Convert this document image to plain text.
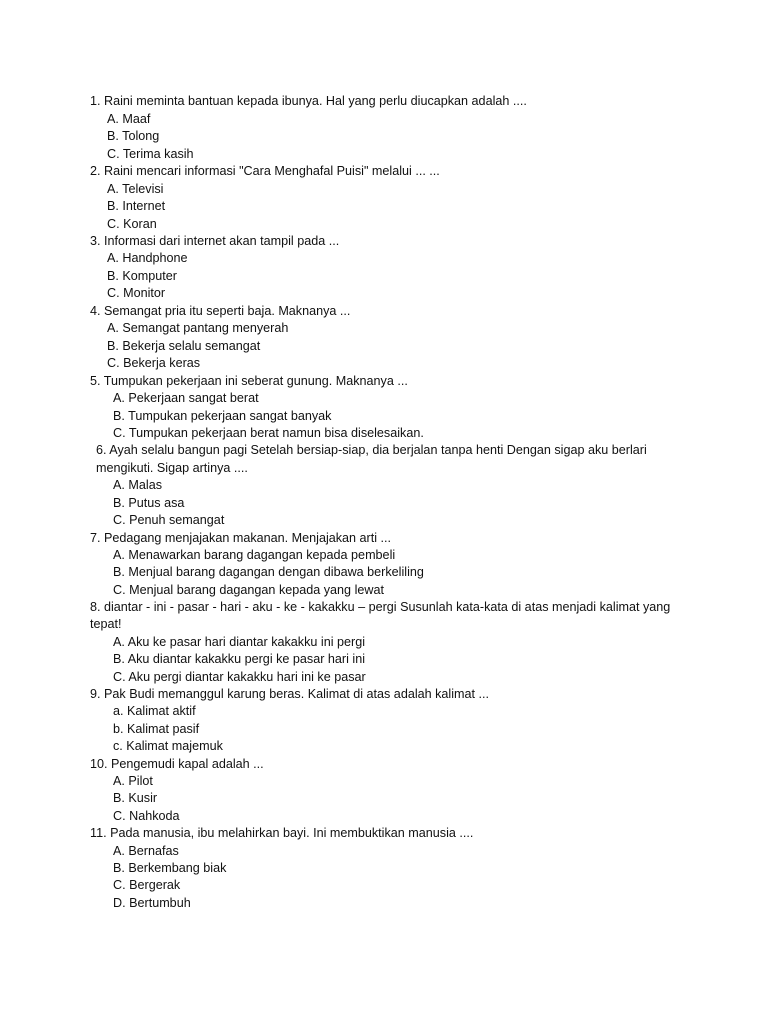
1. Raini meminta bantuan kepada ibunya. Hal yang perlu diucapkan adalah ....
A. Maaf
B. Tolong
C. Terima kasih
2. Raini mencari informasi "Cara Menghafal Puisi" melalui ... ...
A. Televisi
B. Internet
C. Koran
3. Informasi dari internet akan tampil pada ...
A. Handphone
B. Komputer
C. Monitor
4. Semangat pria itu seperti baja. Maknanya ...
A. Semangat pantang menyerah
B. Bekerja selalu semangat
C. Bekerja keras
5. Tumpukan pekerjaan ini seberat gunung. Maknanya ...
A. Pekerjaan sangat berat
B. Tumpukan pekerjaan sangat banyak
C. Tumpukan pekerjaan berat namun bisa diselesaikan.
6. Ayah selalu bangun pagi Setelah bersiap-siap, dia berjalan tanpa henti Dengan sigap aku berlari
mengikuti. Sigap artinya ....
A. Malas
B. Putus asa
C. Penuh semangat
7. Pedagang menjajakan makanan. Menjajakan arti ...
A. Menawarkan barang dagangan kepada pembeli
B. Menjual barang dagangan dengan dibawa berkeliling
C. Menjual barang dagangan kepada yang lewat
8. diantar - ini - pasar - hari - aku - ke - kakakku – pergi Susunlah kata-kata di atas menjadi kalimat yang
tepat!
A. Aku ke pasar hari diantar kakakku ini pergi
B. Aku diantar kakakku pergi ke pasar hari ini
C. Aku pergi diantar kakakku hari ini ke pasar
9. Pak Budi memanggul karung beras. Kalimat di atas adalah kalimat ...
a. Kalimat aktif
b. Kalimat pasif
c. Kalimat majemuk
10. Pengemudi kapal adalah ...
A. Pilot
B. Kusir
C. Nahkoda
11. Pada manusia, ibu melahirkan bayi. Ini membuktikan manusia ....
A. Bernafas
B. Berkembang biak
C. Bergerak
D. Bertumbuh
